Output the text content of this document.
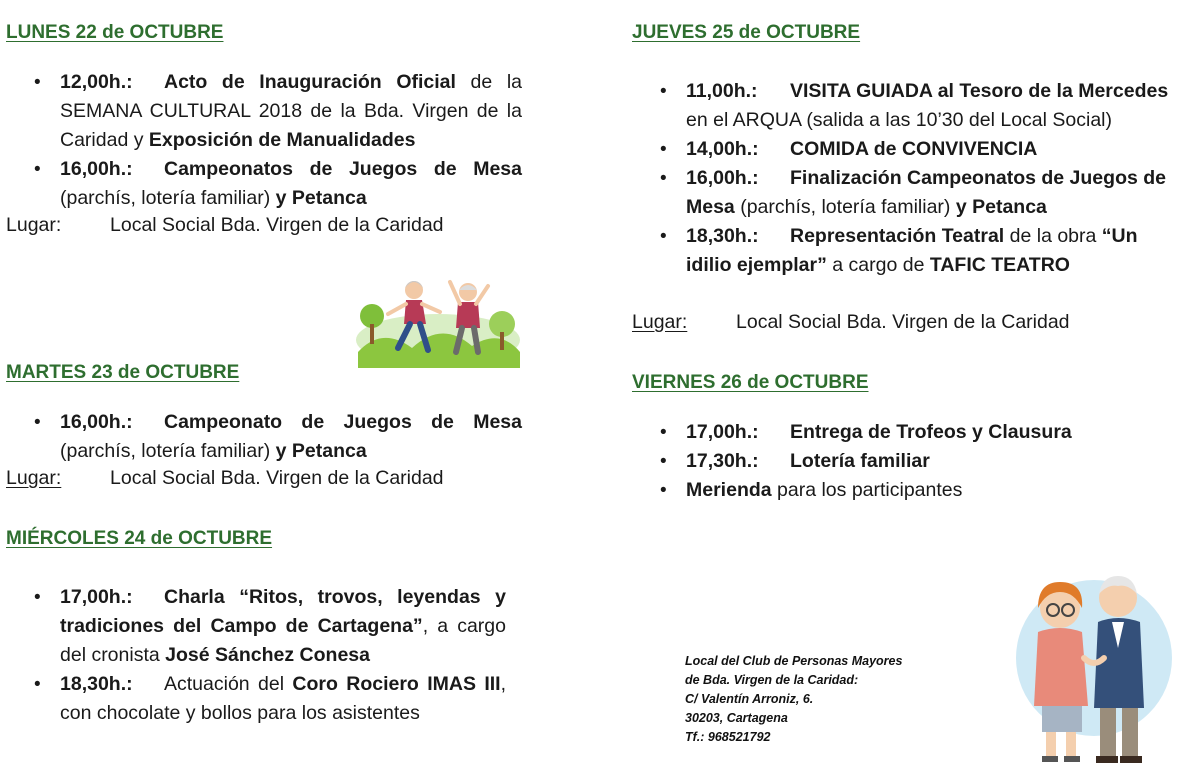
LUNES 22 de OCTUBRE
• 12,00h.: Acto de Inauguración Oficial de la SEMANA CULTURAL 2018 de la Bda. Virgen de la Caridad y Exposición de Manualidades
• 16,00h.: Campeonatos de Juegos de Mesa (parchís, lotería familiar) y Petanca
Lugar: Local Social Bda. Virgen de la Caridad
MARTES 23 de OCTUBRE
• 16,00h.: Campeonato de Juegos de Mesa (parchís, lotería familiar) y Petanca
Lugar: Local Social Bda. Virgen de la Caridad
MIÉRCOLES 24 de OCTUBRE
• 17,00h.: Charla “Ritos, trovos, leyendas y tradiciones del Campo de Cartagena”, a cargo del cronista José Sánchez Conesa
• 18,30h.: Actuación del Coro Rociero IMAS III, con chocolate y bollos para los asistentes
JUEVES 25 de OCTUBRE
• 11,00h.: VISITA GUIADA al Tesoro de la Mercedes en el ARQUA (salida a las 10’30 del Local Social)
• 14,00h.: COMIDA de CONVIVENCIA
• 16,00h.: Finalización Campeonatos de Juegos de Mesa (parchís, lotería familiar) y Petanca
• 18,30h.: Representación Teatral de la obra “Un idilio ejemplar” a cargo de TAFIC TEATRO
Lugar: Local Social Bda. Virgen de la Caridad
VIERNES 26 de OCTUBRE
• 17,00h.: Entrega de Trofeos y Clausura
• 17,30h.: Lotería familiar
• Merienda para los participantes
Local del Club de Personas Mayores
de Bda. Virgen de la Caridad:
C/ Valentín Arroniz, 6.
30203, Cartagena
Tf.: 968521792
